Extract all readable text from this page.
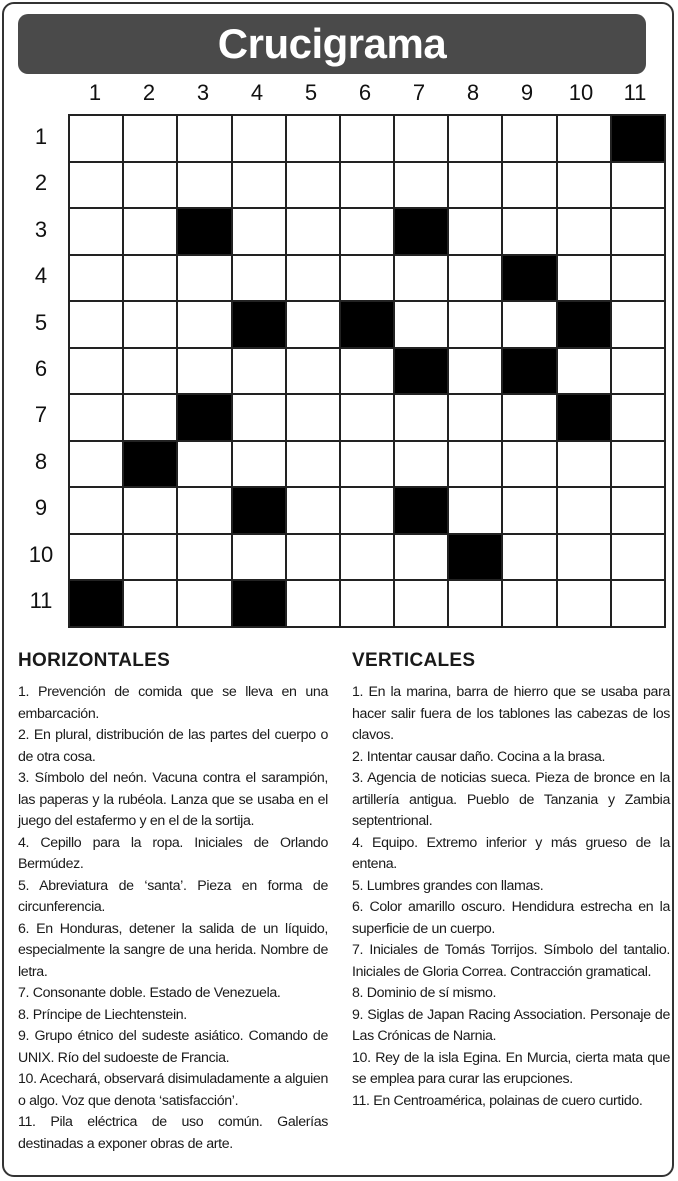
Crucigrama
1	2	3	4	5	6	7	8	9	10	11
1
2
3
4
5
6
7
8
9
10
11
HORIZONTALES
1. Prevención de comida que se lleva en una embarcación.
2. En plural, distribución de las partes del cuerpo o de otra cosa.
3. Símbolo del neón. Vacuna contra el sarampión, las paperas y la rubéola. Lanza que se usaba en el juego del estafermo y en el de la sortija.
4. Cepillo para la ropa. Iniciales de Orlando Bermúdez.
5. Abreviatura de ‘santa’. Pieza en forma de circunferencia.
6. En Honduras, detener la salida de un líquido, especialmente la sangre de una herida. Nombre de letra.
7. Consonante doble. Estado de Venezuela.
8. Príncipe de Liechtenstein.
9. Grupo étnico del sudeste asiático. Comando de UNIX. Río del sudoeste de Francia.
10. Acechará, observará disimuladamente a alguien o algo. Voz que denota ‘satisfacción’.
11. Pila eléctrica de uso común. Galerías destinadas a exponer obras de arte.
VERTICALES
1. En la marina, barra de hierro que se usaba para hacer salir fuera de los tablones las cabezas de los clavos.
2. Intentar causar daño. Cocina a la brasa.
3. Agencia de noticias sueca. Pieza de bronce en la artillería antigua. Pueblo de Tanzania y Zambia septentrional.
4. Equipo. Extremo inferior y más grueso de la entena.
5. Lumbres grandes con llamas.
6. Color amarillo oscuro. Hendidura estrecha en la superficie de un cuerpo.
7. Iniciales de Tomás Torrijos. Símbolo del tantalio. Iniciales de Gloria Correa. Contracción gramatical.
8. Dominio de sí mismo.
9. Siglas de Japan Racing Association. Personaje de Las Crónicas de Narnia.
10. Rey de la isla Egina. En Murcia, cierta mata que se emplea para curar las erupciones.
11. En Centroamérica, polainas de cuero curtido.
